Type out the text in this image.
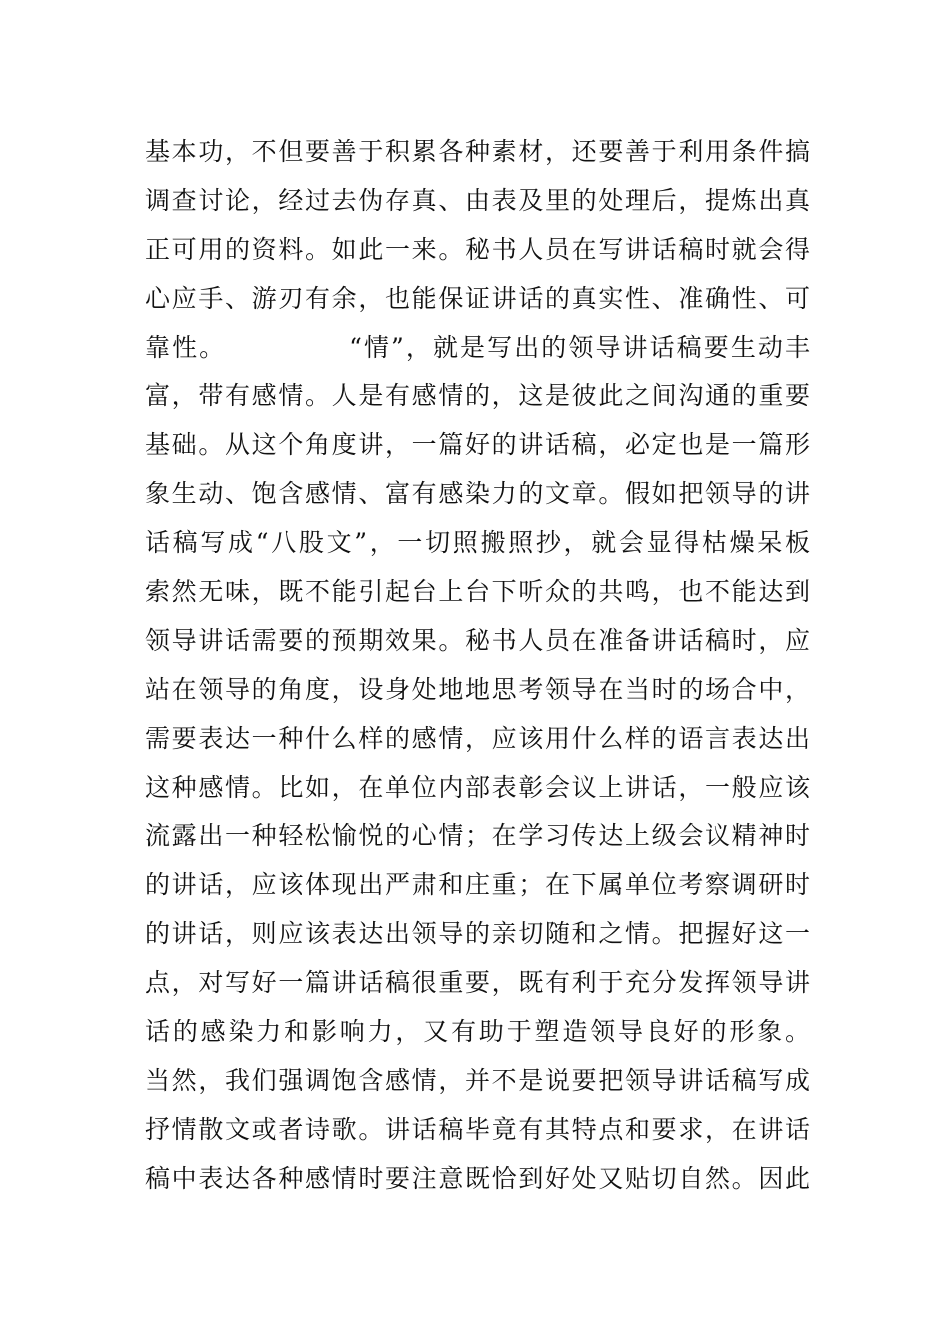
基本功，不但要善于积累各种素材，还要善于利用条件搞
调查讨论，经过去伪存真、由表及里的处理后，提炼出真
正可用的资料。如此一来。秘书人员在写讲话稿时就会得
心应手、游刃有余，也能保证讲话的真实性、准确性、可
靠性。　　　　　“情”，就是写出的领导讲话稿要生动丰
富，带有感情。人是有感情的，这是彼此之间沟通的重要
基础。从这个角度讲，一篇好的讲话稿，必定也是一篇形
象生动、饱含感情、富有感染力的文章。假如把领导的讲
话稿写成“八股文”，一切照搬照抄，就会显得枯燥呆板
索然无味，既不能引起台上台下听众的共鸣，也不能达到
领导讲话需要的预期效果。秘书人员在准备讲话稿时，应
站在领导的角度，设身处地地思考领导在当时的场合中，
需要表达一种什么样的感情，应该用什么样的语言表达出
这种感情。比如，在单位内部表彰会议上讲话，一般应该
流露出一种轻松愉悦的心情；在学习传达上级会议精神时
的讲话，应该体现出严肃和庄重；在下属单位考察调研时
的讲话，则应该表达出领导的亲切随和之情。把握好这一
点，对写好一篇讲话稿很重要，既有利于充分发挥领导讲
话的感染力和影响力，又有助于塑造领导良好的形象。
当然，我们强调饱含感情，并不是说要把领导讲话稿写成
抒情散文或者诗歌。讲话稿毕竟有其特点和要求，在讲话
稿中表达各种感情时要注意既恰到好处又贴切自然。因此
